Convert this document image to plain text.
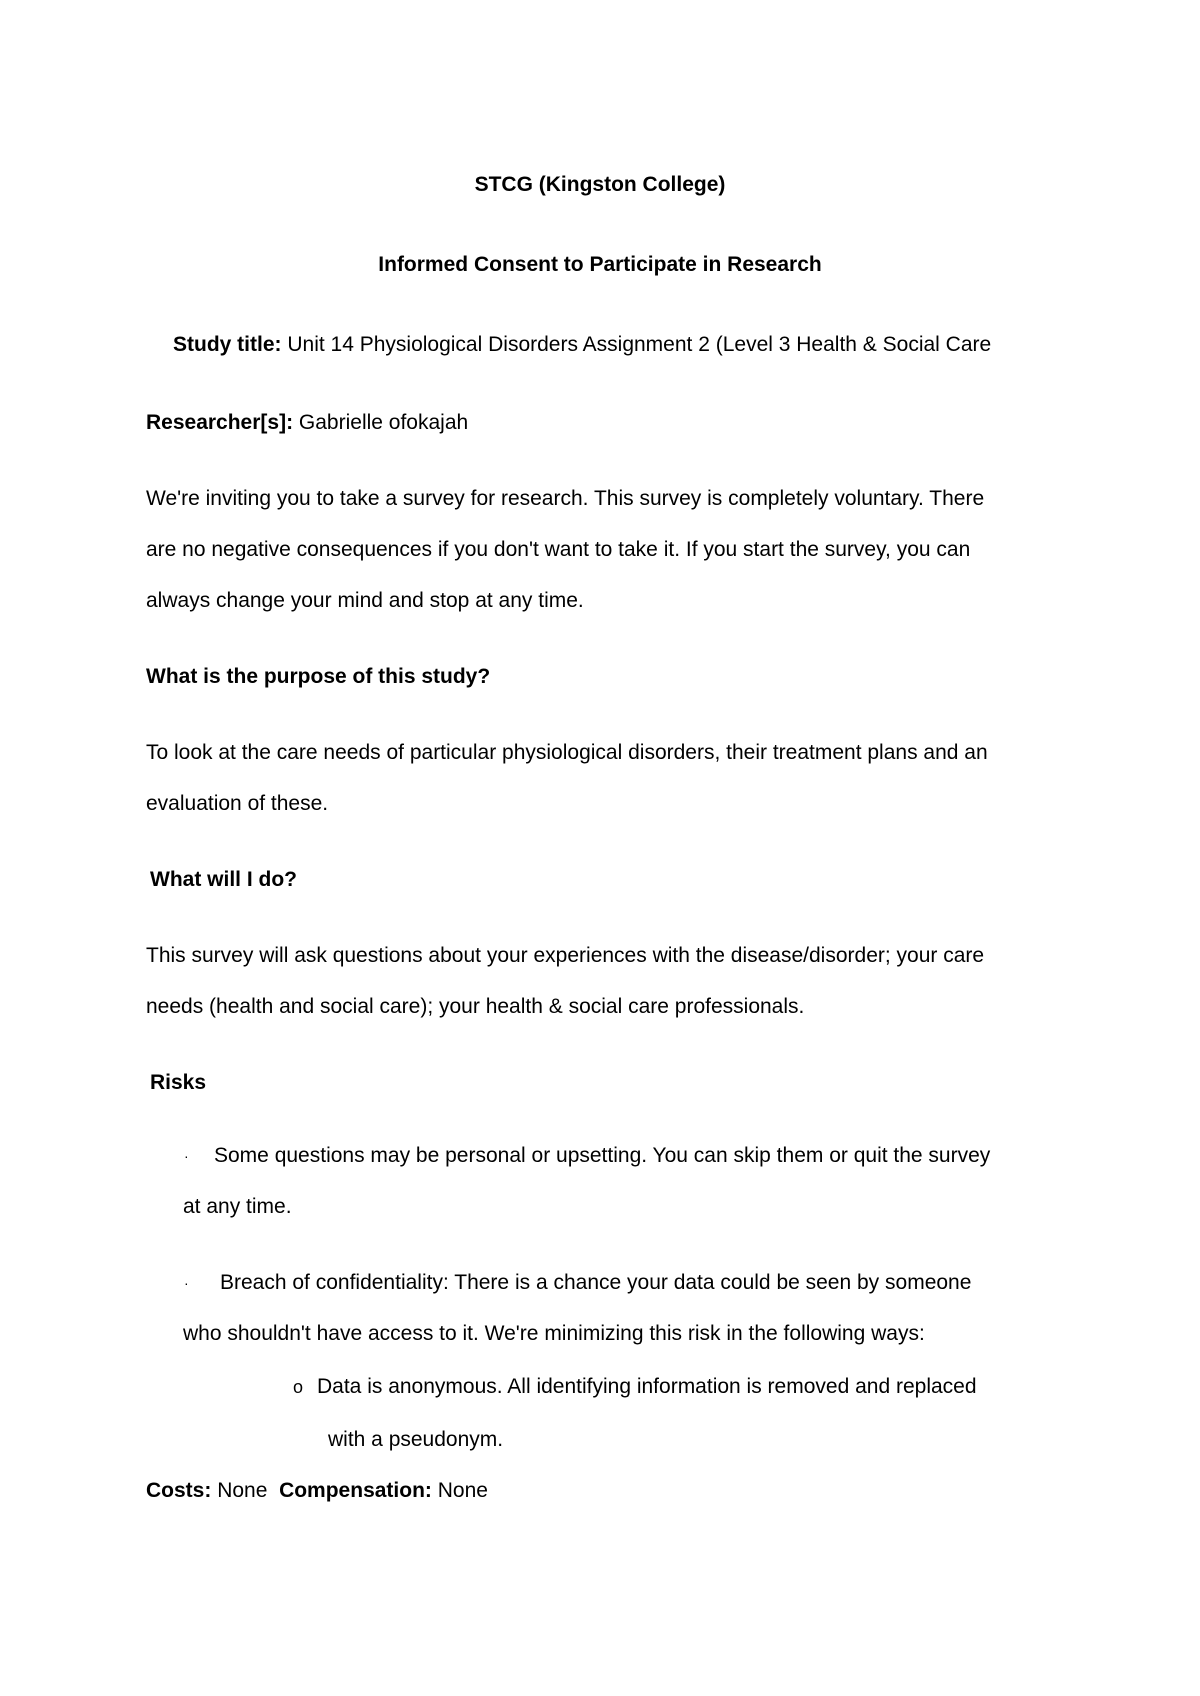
STCG (Kingston College)
Informed Consent to Participate in Research
Study title: Unit 14 Physiological Disorders Assignment 2 (Level 3 Health & Social Care
Researcher[s]: Gabrielle ofokajah
We're inviting you to take a survey for research. This survey is completely voluntary. There
are no negative consequences if you don't want to take it. If you start the survey, you can
always change your mind and stop at any time.
What is the purpose of this study?
To look at the care needs of particular physiological disorders, their treatment plans and an
evaluation of these.
What will I do?
This survey will ask questions about your experiences with the disease/disorder; your care
needs (health and social care); your health & social care professionals.
Risks
· Some questions may be personal or upsetting. You can skip them or quit the survey
at any time.
· Breach of confidentiality: There is a chance your data could be seen by someone
who shouldn't have access to it. We're minimizing this risk in the following ways:
o Data is anonymous. All identifying information is removed and replaced
with a pseudonym.
Costs: None Compensation: None
